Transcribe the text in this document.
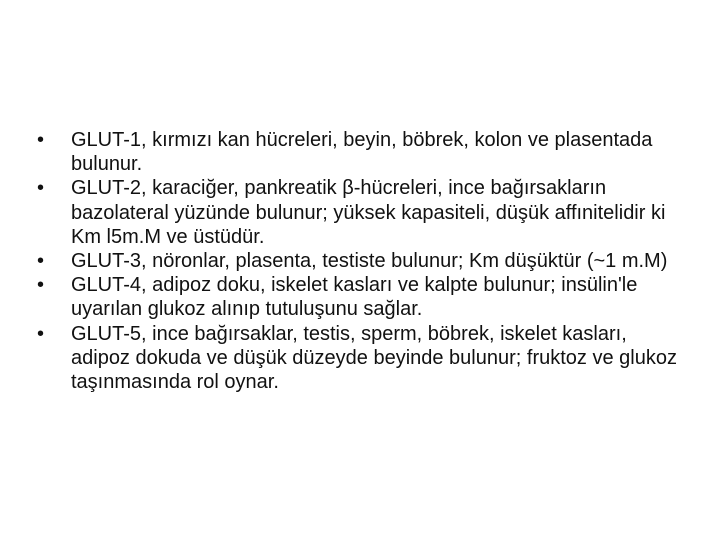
•	GLUT-1, kırmızı kan hücreleri, beyin, böbrek, kolon ve plasentada bulunur.
•	GLUT-2, karaciğer, pankreatik β-hücreleri, ince bağırsakların bazolateral yüzünde bulunur; yüksek kapasiteli, düşük affınitelidir ki Km l5m.M ve üstüdür.
•	GLUT-3, nöronlar, plasenta, testiste bulunur; Km düşüktür (~1 m.M)
•	GLUT-4, adipoz doku, iskelet kasları ve kalpte bulunur; insülin'le uyarılan glukoz alınıp tutuluşunu sağlar.
•	GLUT-5, ince bağırsaklar, testis, sperm, böbrek, iskelet kasları, adipoz dokuda ve düşük düzeyde beyinde bulunur; fruktoz ve glukoz taşınmasında rol oynar.
